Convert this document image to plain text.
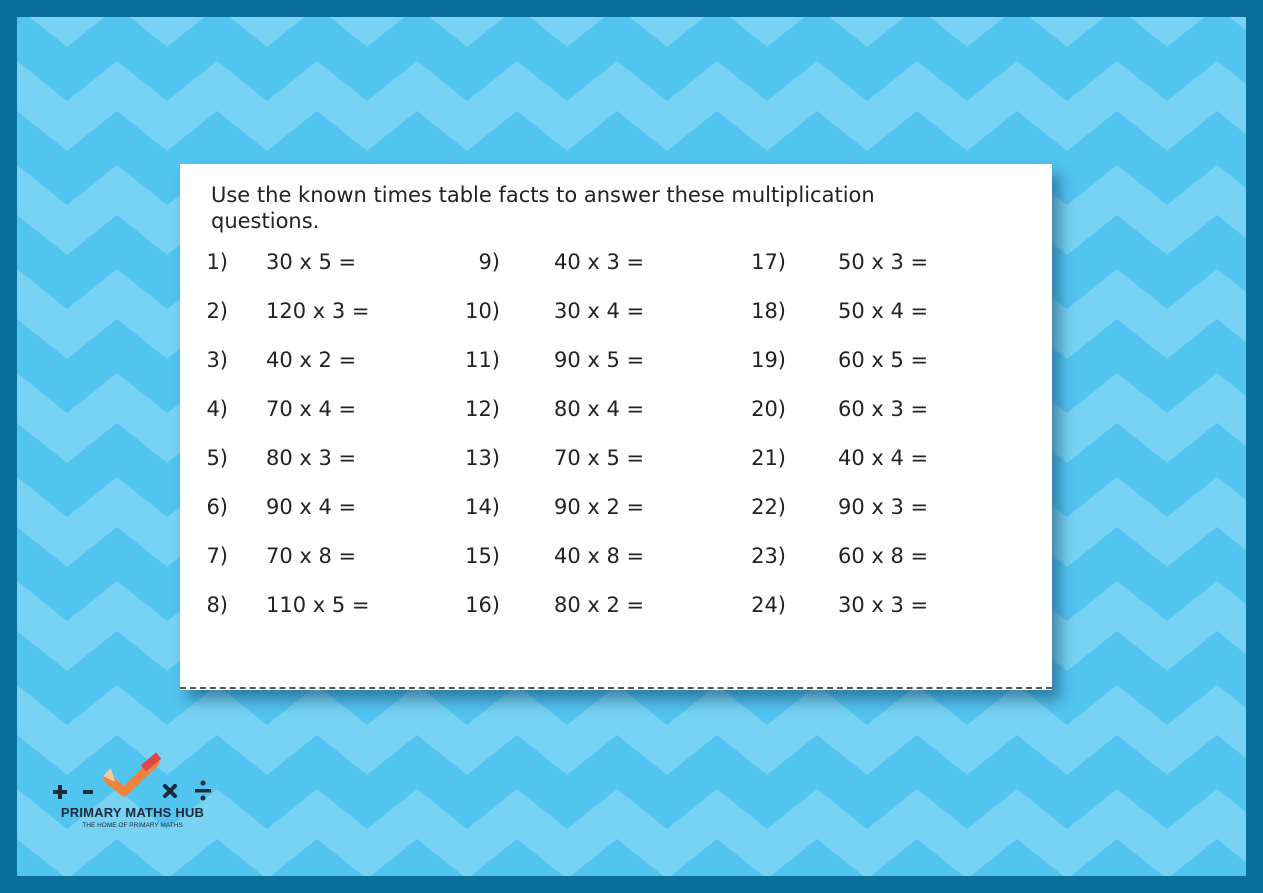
Use the known times table facts to answer these multiplication
questions.
1) 30 x 5 =
2) 120 x 3 =
3) 40 x 2 =
4) 70 x 4 =
5) 80 x 3 =
6) 90 x 4 =
7) 70 x 8 =
8) 110 x 5 =
9)	40 x 3 =
10)	30 x 4 =
11)	90 x 5 =
12)	80 x 4 =
13)	70 x 5 =
14)	90 x 2 =
15)	40 x 8 =
16)	80 x 2 =
17) 50 x 3 =
18) 50 x 4 =
19) 60 x 5 =
20) 60 x 3 =
21) 40 x 4 =
22) 90 x 3 =
23) 60 x 8 =
24) 30 x 3 =
PRIMARY MATHS HUB
THE HOME OF PRIMARY MATHS
